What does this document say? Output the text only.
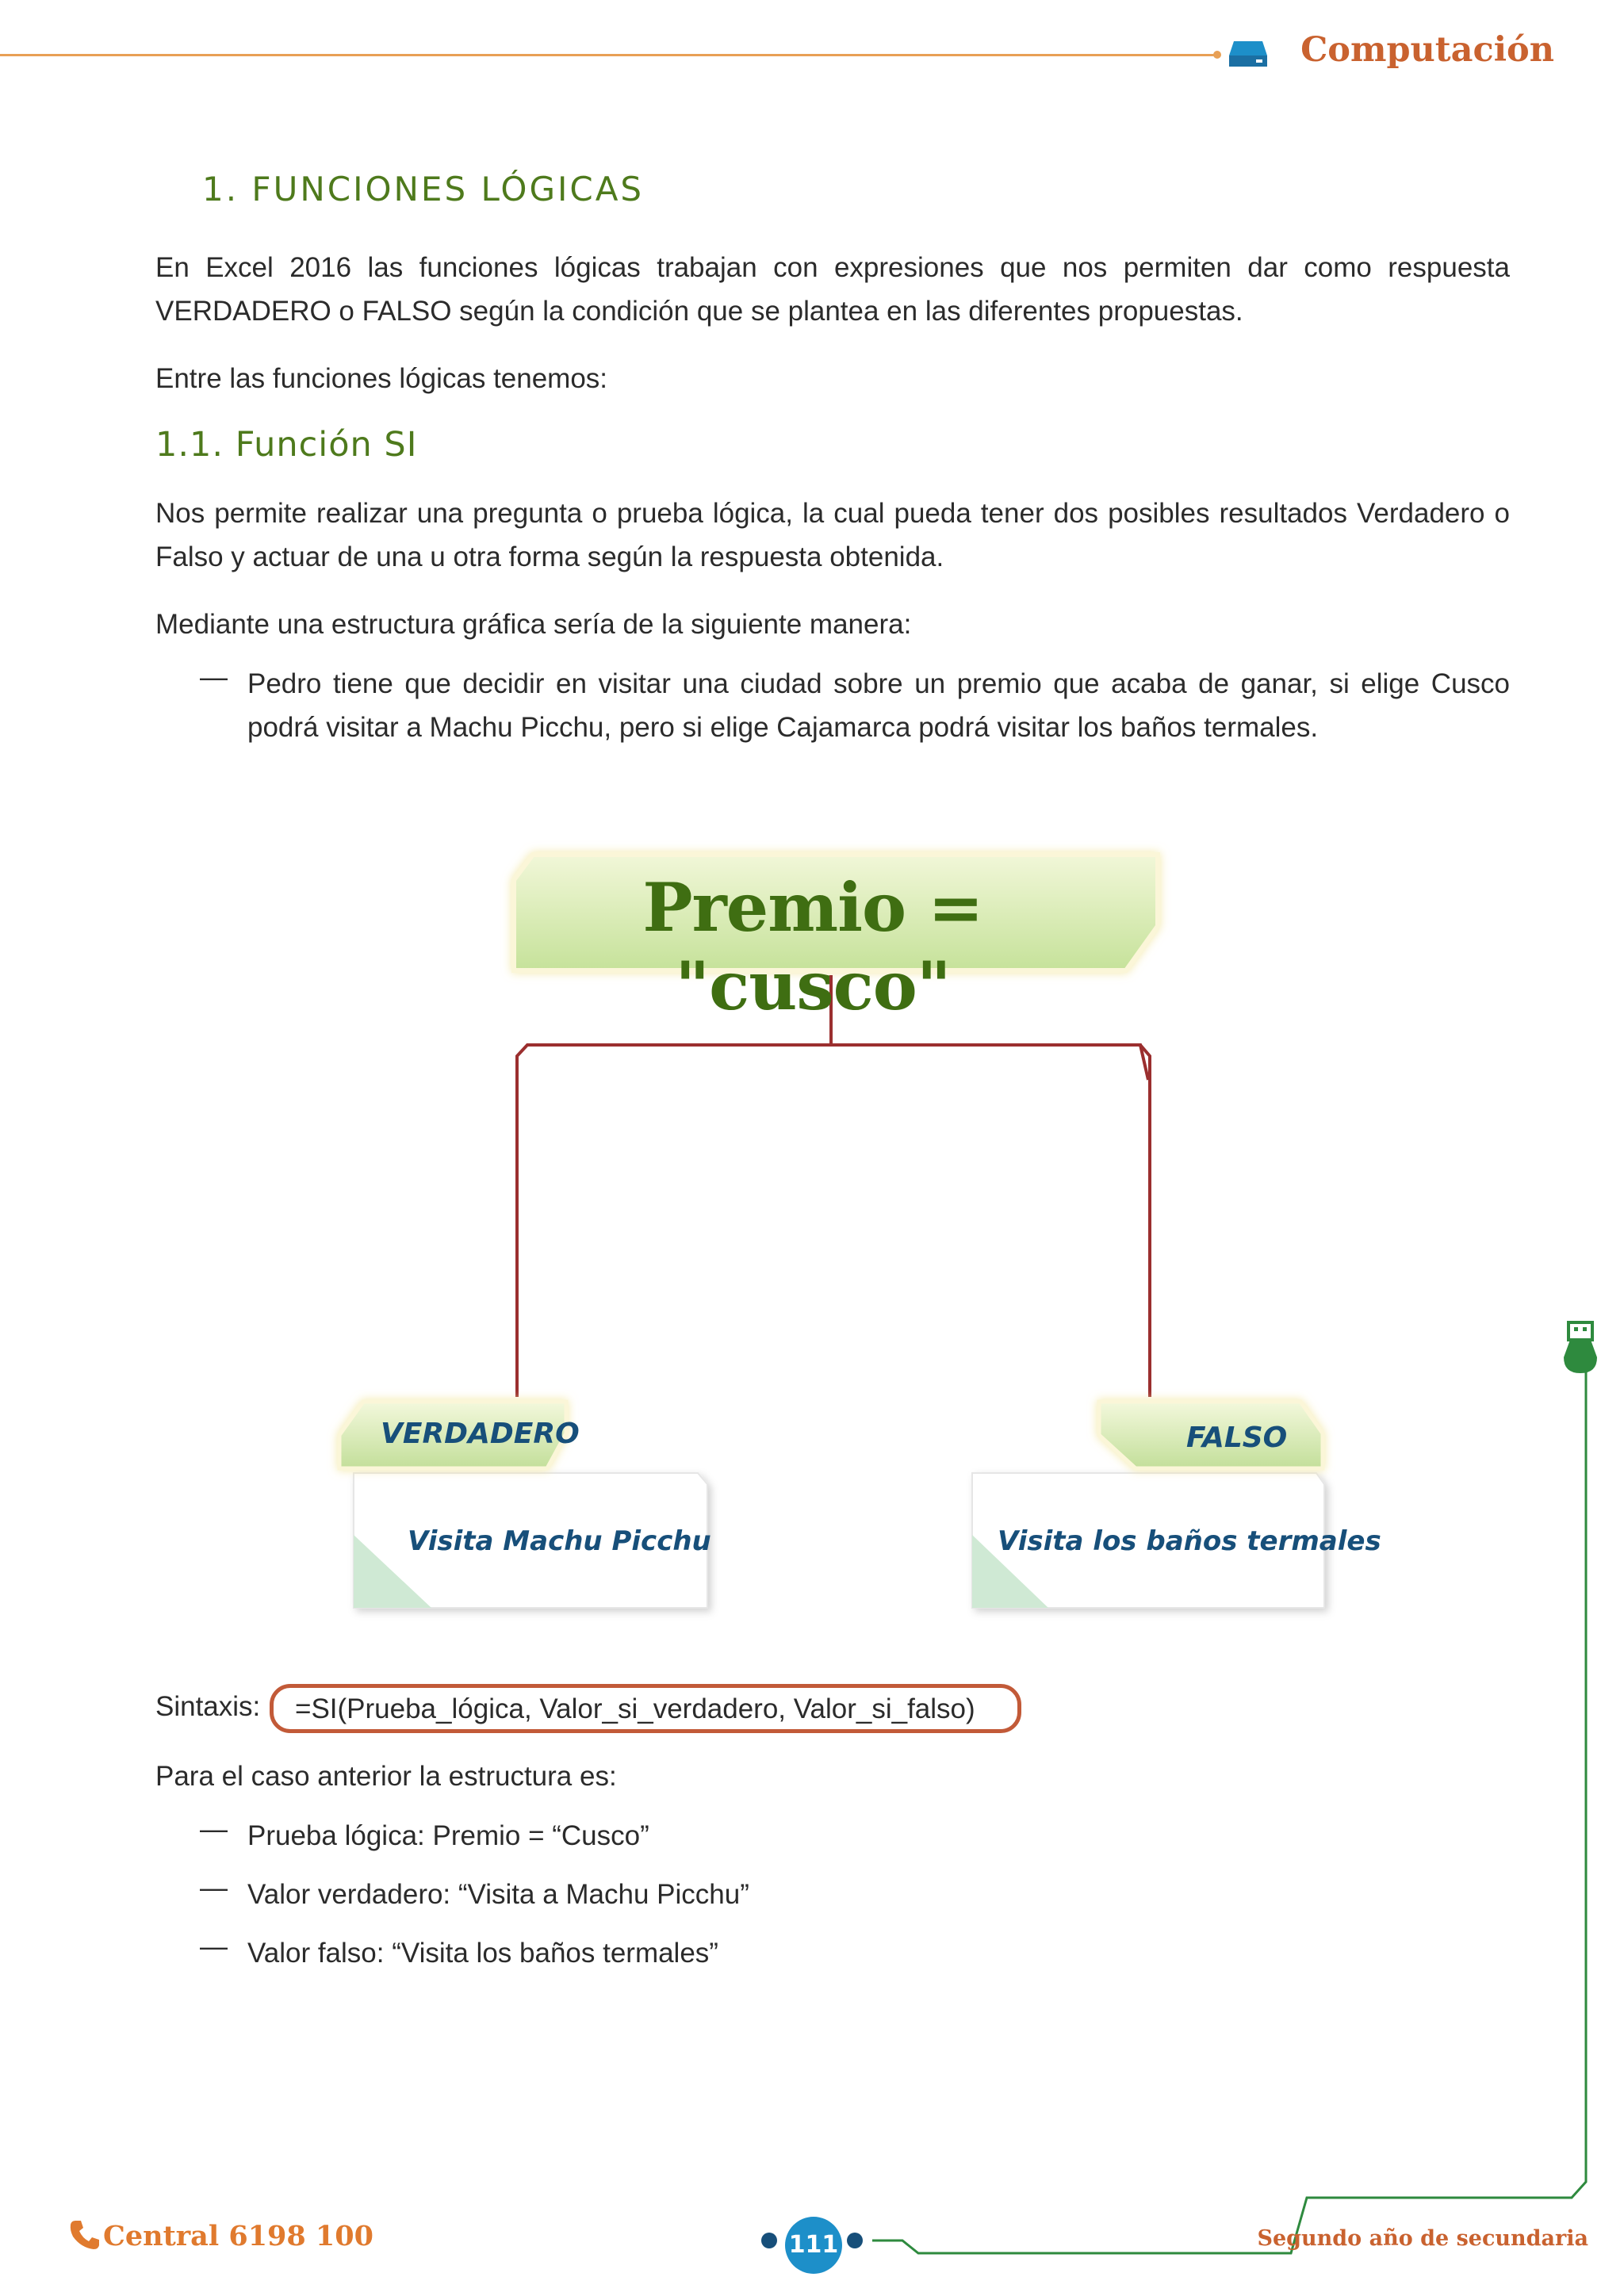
Computación
1. FUNCIONES LÓGICAS
En Excel 2016 las funciones lógicas trabajan con expresiones que nos permiten dar como respuesta VERDADERO o FALSO según la condición que se plantea en las diferentes propuestas.
Entre las funciones lógicas tenemos:
1.1. Función SI
Nos permite realizar una pregunta o prueba lógica, la cual pueda tener dos posibles resultados Verdadero o Falso y actuar de una u otra forma según la respuesta obtenida.
Mediante una estructura gráfica sería de la siguiente manera:
— Pedro tiene que decidir en visitar una ciudad sobre un premio que acaba de ganar, si elige Cusco podrá visitar a Machu Picchu, pero si elige Cajamarca podrá visitar los baños termales.
Premio = "cusco"
VERDADERO	FALSO
Visita Machu Picchu	Visita los baños termales
Sintaxis: =SI(Prueba_lógica, Valor_si_verdadero, Valor_si_falso)
Para el caso anterior la estructura es:
— Prueba lógica: Premio = “Cusco”
— Valor verdadero: “Visita a Machu Picchu”
— Valor falso: “Visita los baños termales”
111
Central 6198 100	Segundo año de secundaria
